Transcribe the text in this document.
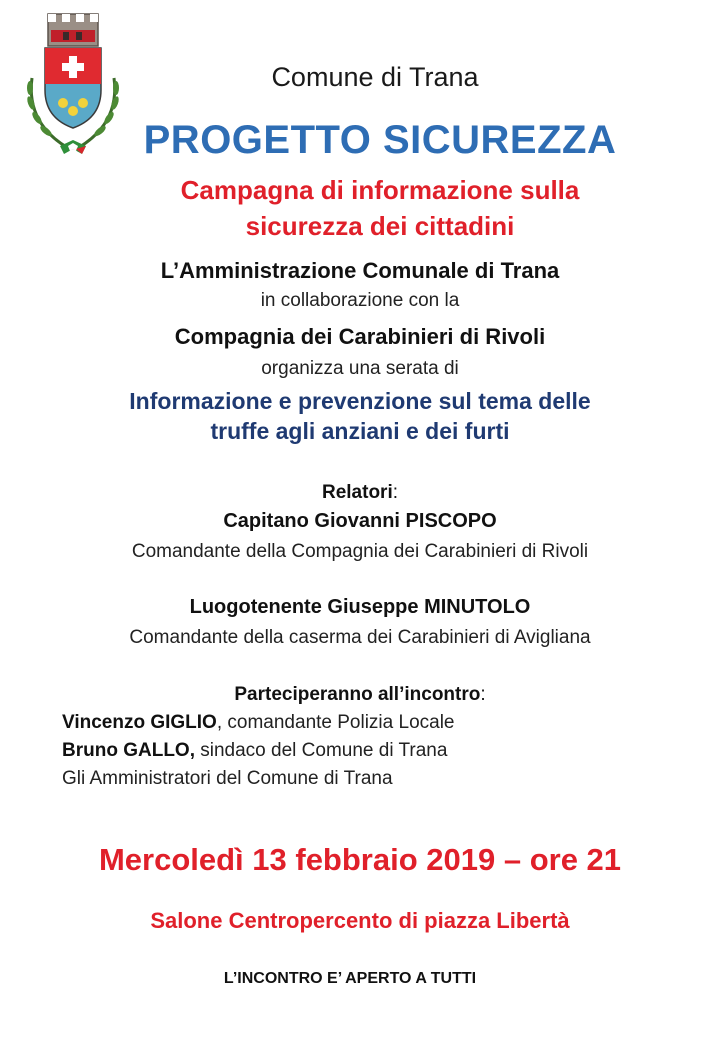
Comune di Trana
PROGETTO SICUREZZA
Campagna di informazione sulla
sicurezza dei cittadini
L’Amministrazione Comunale di Trana
in collaborazione con la
Compagnia dei Carabinieri di Rivoli
organizza una serata di
Informazione e prevenzione sul tema delle
truffe agli anziani e dei furti
Relatori:
Capitano Giovanni PISCOPO
Comandante della Compagnia dei Carabinieri di Rivoli
Luogotenente Giuseppe MINUTOLO
Comandante della caserma dei Carabinieri di Avigliana
Parteciperanno all’incontro:
Vincenzo GIGLIO, comandante Polizia Locale
Bruno GALLO, sindaco del Comune di Trana
Gli Amministratori del Comune di Trana
Mercoledì 13 febbraio 2019 – ore 21
Salone Centropercento di piazza Libertà
L’INCONTRO E’ APERTO A TUTTI
